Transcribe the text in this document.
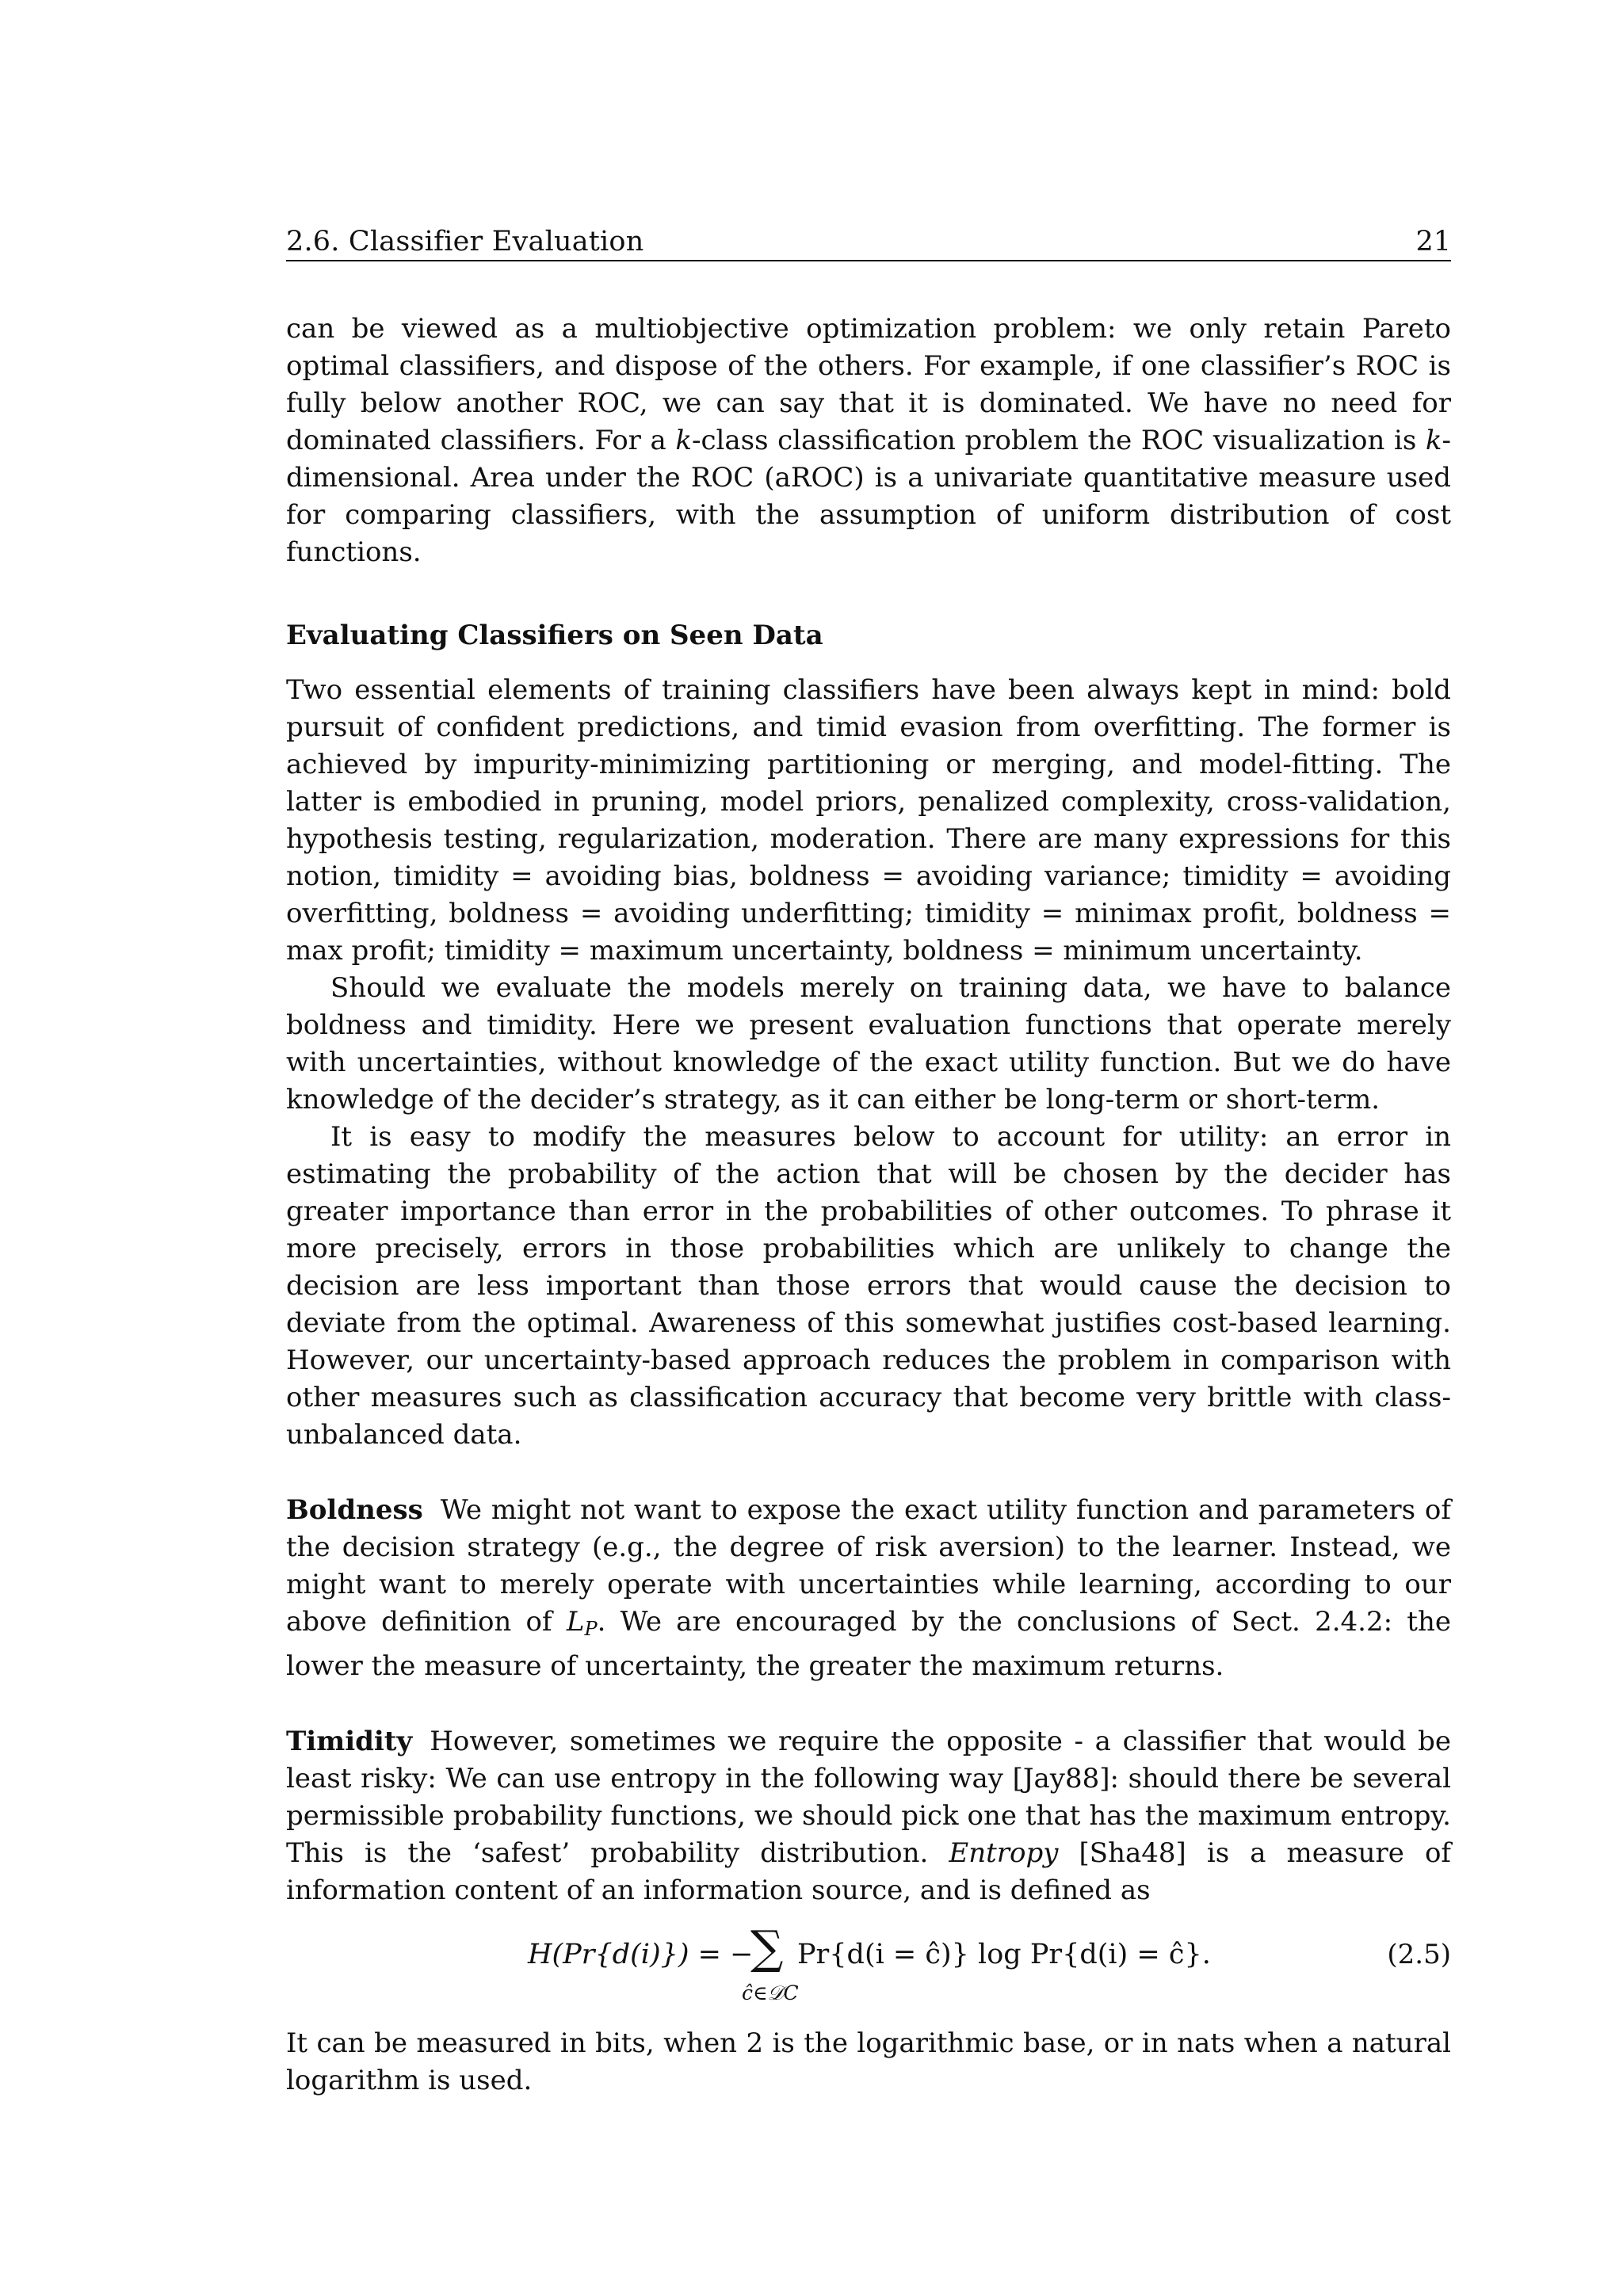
2.6. Classifier Evaluation	21

can be viewed as a multiobjective optimization problem: we only retain Pareto optimal classifiers, and dispose of the others. For example, if one classifier’s ROC is fully below another ROC, we can say that it is dominated. We have no need for dominated classifiers. For a k-class classification problem the ROC visualization is k-dimensional. Area under the ROC (aROC) is a univariate quantitative measure used for comparing classifiers, with the assumption of uniform distribution of cost functions.

Evaluating Classifiers on Seen Data

Two essential elements of training classifiers have been always kept in mind: bold pursuit of confident predictions, and timid evasion from overfitting. The former is achieved by impurity-minimizing partitioning or merging, and model-fitting. The latter is embodied in pruning, model priors, penalized complexity, cross-validation, hypothesis testing, regularization, moderation. There are many expressions for this notion, timidity = avoiding bias, boldness = avoiding variance; timidity = avoiding overfitting, boldness = avoiding underfitting; timidity = minimax profit, boldness = max profit; timidity = maximum uncertainty, boldness = minimum uncertainty.

Should we evaluate the models merely on training data, we have to balance boldness and timidity. Here we present evaluation functions that operate merely with uncertainties, without knowledge of the exact utility function. But we do have knowledge of the decider’s strategy, as it can either be long-term or short-term.

It is easy to modify the measures below to account for utility: an error in estimating the probability of the action that will be chosen by the decider has greater importance than error in the probabilities of other outcomes. To phrase it more precisely, errors in those probabilities which are unlikely to change the decision are less important than those errors that would cause the decision to deviate from the optimal. Awareness of this somewhat justifies cost-based learning. However, our uncertainty-based approach reduces the problem in comparison with other measures such as classification accuracy that become very brittle with class-unbalanced data.

Boldness We might not want to expose the exact utility function and parameters of the decision strategy (e.g., the degree of risk aversion) to the learner. Instead, we might want to merely operate with uncertainties while learning, according to our above definition of $L_P$. We are encouraged by the conclusions of Sect. 2.4.2: the lower the measure of uncertainty, the greater the maximum returns.

Timidity However, sometimes we require the opposite - a classifier that would be least risky: We can use entropy in the following way [Jay88]: should there be several permissible probability functions, we should pick one that has the maximum entropy. This is the ‘safest’ probability distribution. Entropy [Sha48] is a measure of information content of an information source, and is defined as

H(Pr{d(i)}) = −
∑
ĉ∈𝒟C
Pr{d(i = ĉ)} log Pr{d(i) = ĉ}.	(2.5)

It can be measured in bits, when 2 is the logarithmic base, or in nats when a natural logarithm is used.
